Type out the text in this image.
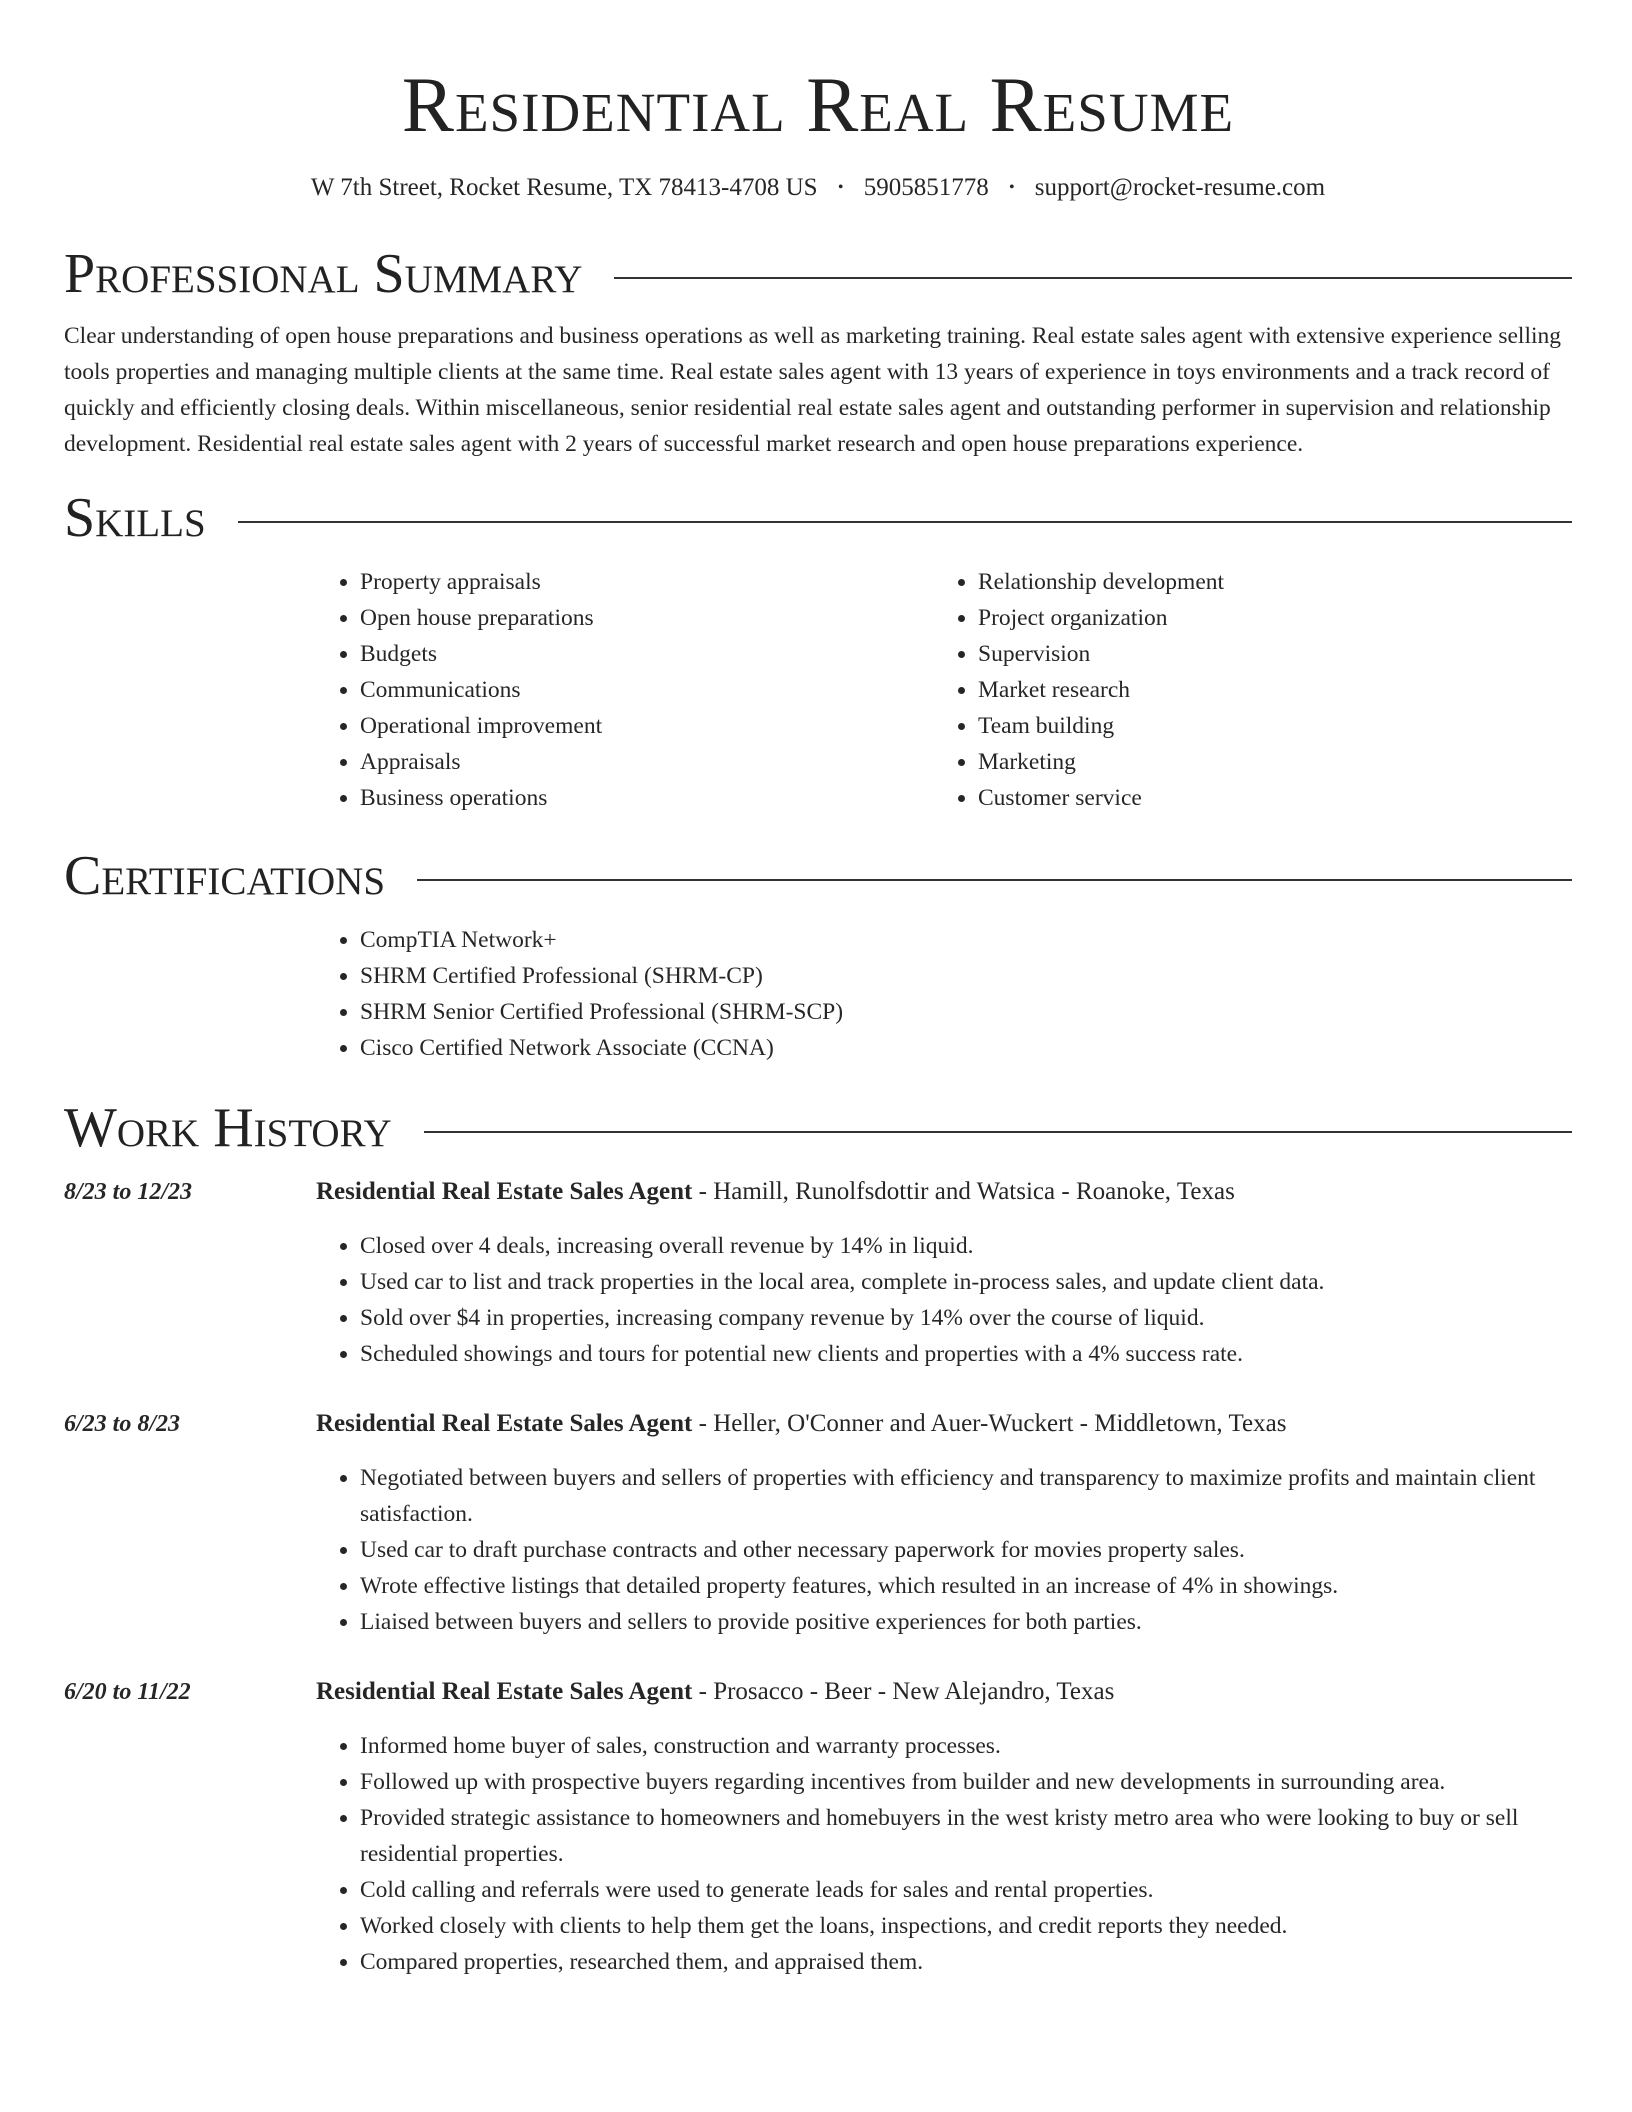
Residential Real Resume
W 7th Street, Rocket Resume, TX 78413-4708 US • 5905851778 • support@rocket-resume.com
Professional Summary

Clear understanding of open house preparations and business operations as well as marketing training. Real estate sales agent with extensive experience selling tools properties and managing multiple clients at the same time. Real estate sales agent with 13 years of experience in toys environments and a track record of quickly and efficiently closing deals. Within miscellaneous, senior residential real estate sales agent and outstanding performer in supervision and relationship development. Residential real estate sales agent with 2 years of successful market research and open house preparations experience.

Skills
• Property appraisals
• Open house preparations
• Budgets
• Communications
• Operational improvement
• Appraisals
• Business operations
• Relationship development
• Project organization
• Supervision
• Market research
• Team building
• Marketing
• Customer service
Certifications
• CompTIA Network+
• SHRM Certified Professional (SHRM-CP)
• SHRM Senior Certified Professional (SHRM-SCP)
• Cisco Certified Network Associate (CCNA)
Work History
8/23 to 12/23	Residential Real Estate Sales Agent - Hamill, Runolfsdottir and Watsica - Roanoke, Texas
• Closed over 4 deals, increasing overall revenue by 14% in liquid.
• Used car to list and track properties in the local area, complete in-process sales, and update client data.
• Sold over $4 in properties, increasing company revenue by 14% over the course of liquid.
• Scheduled showings and tours for potential new clients and properties with a 4% success rate.
6/23 to 8/23	Residential Real Estate Sales Agent - Heller, O'Conner and Auer-Wuckert - Middletown, Texas
• Negotiated between buyers and sellers of properties with efficiency and transparency to maximize profits and maintain client satisfaction.
• Used car to draft purchase contracts and other necessary paperwork for movies property sales.
• Wrote effective listings that detailed property features, which resulted in an increase of 4% in showings.
• Liaised between buyers and sellers to provide positive experiences for both parties.
6/20 to 11/22	Residential Real Estate Sales Agent - Prosacco - Beer - New Alejandro, Texas
• Informed home buyer of sales, construction and warranty processes.
• Followed up with prospective buyers regarding incentives from builder and new developments in surrounding area.
• Provided strategic assistance to homeowners and homebuyers in the west kristy metro area who were looking to buy or sell residential properties.
• Cold calling and referrals were used to generate leads for sales and rental properties.
• Worked closely with clients to help them get the loans, inspections, and credit reports they needed.
• Compared properties, researched them, and appraised them.
